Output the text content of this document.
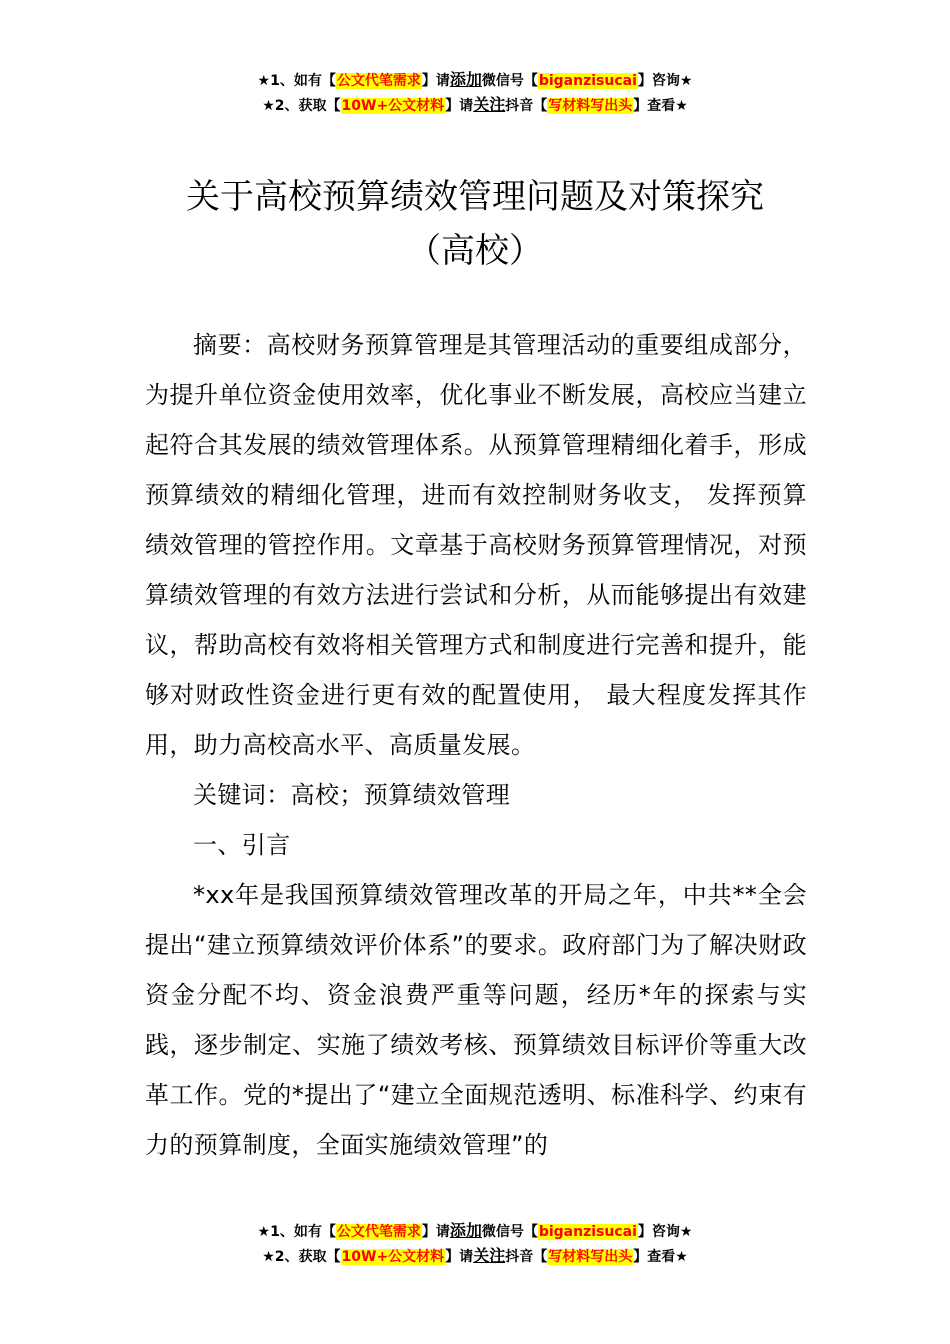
★1、如有【公文代笔需求】请添加微信号【biganzisucai】咨询★
★2、获取【10W+公文材料】请关注抖音【写材料写出头】查看★
关于高校预算绩效管理问题及对策探究
（高校）

摘要：高校财务预算管理是其管理活动的重要组成部分，为提升单位资金使用效率，优化事业不断发展，高校应当建立起符合其发展的绩效管理体系。从预算管理精细化着手，形成预算绩效的精细化管理，进而有效控制财务收支， 发挥预算绩效管理的管控作用。文章基于高校财务预算管理情况，对预算绩效管理的有效方法进行尝试和分析，从而能够提出有效建议，帮助高校有效将相关管理方式和制度进行完善和提升，能够对财政性资金进行更有效的配置使用， 最大程度发挥其作用，助力高校高水平、高质量发展。

关键词：高校；预算绩效管理

一、引言

*xx年是我国预算绩效管理改革的开局之年，中共**全会提出“建立预算绩效评价体系”的要求。政府部门为了解决财政资金分配不均、资金浪费严重等问题，经历*年的探索与实践，逐步制定、实施了绩效考核、预算绩效目标评价等重大改革工作。党的*提出了“建立全面规范透明、标准科学、约束有力的预算制度，全面实施绩效管理”的

★1、如有【公文代笔需求】请添加微信号【biganzisucai】咨询★
★2、获取【10W+公文材料】请关注抖音【写材料写出头】查看★
